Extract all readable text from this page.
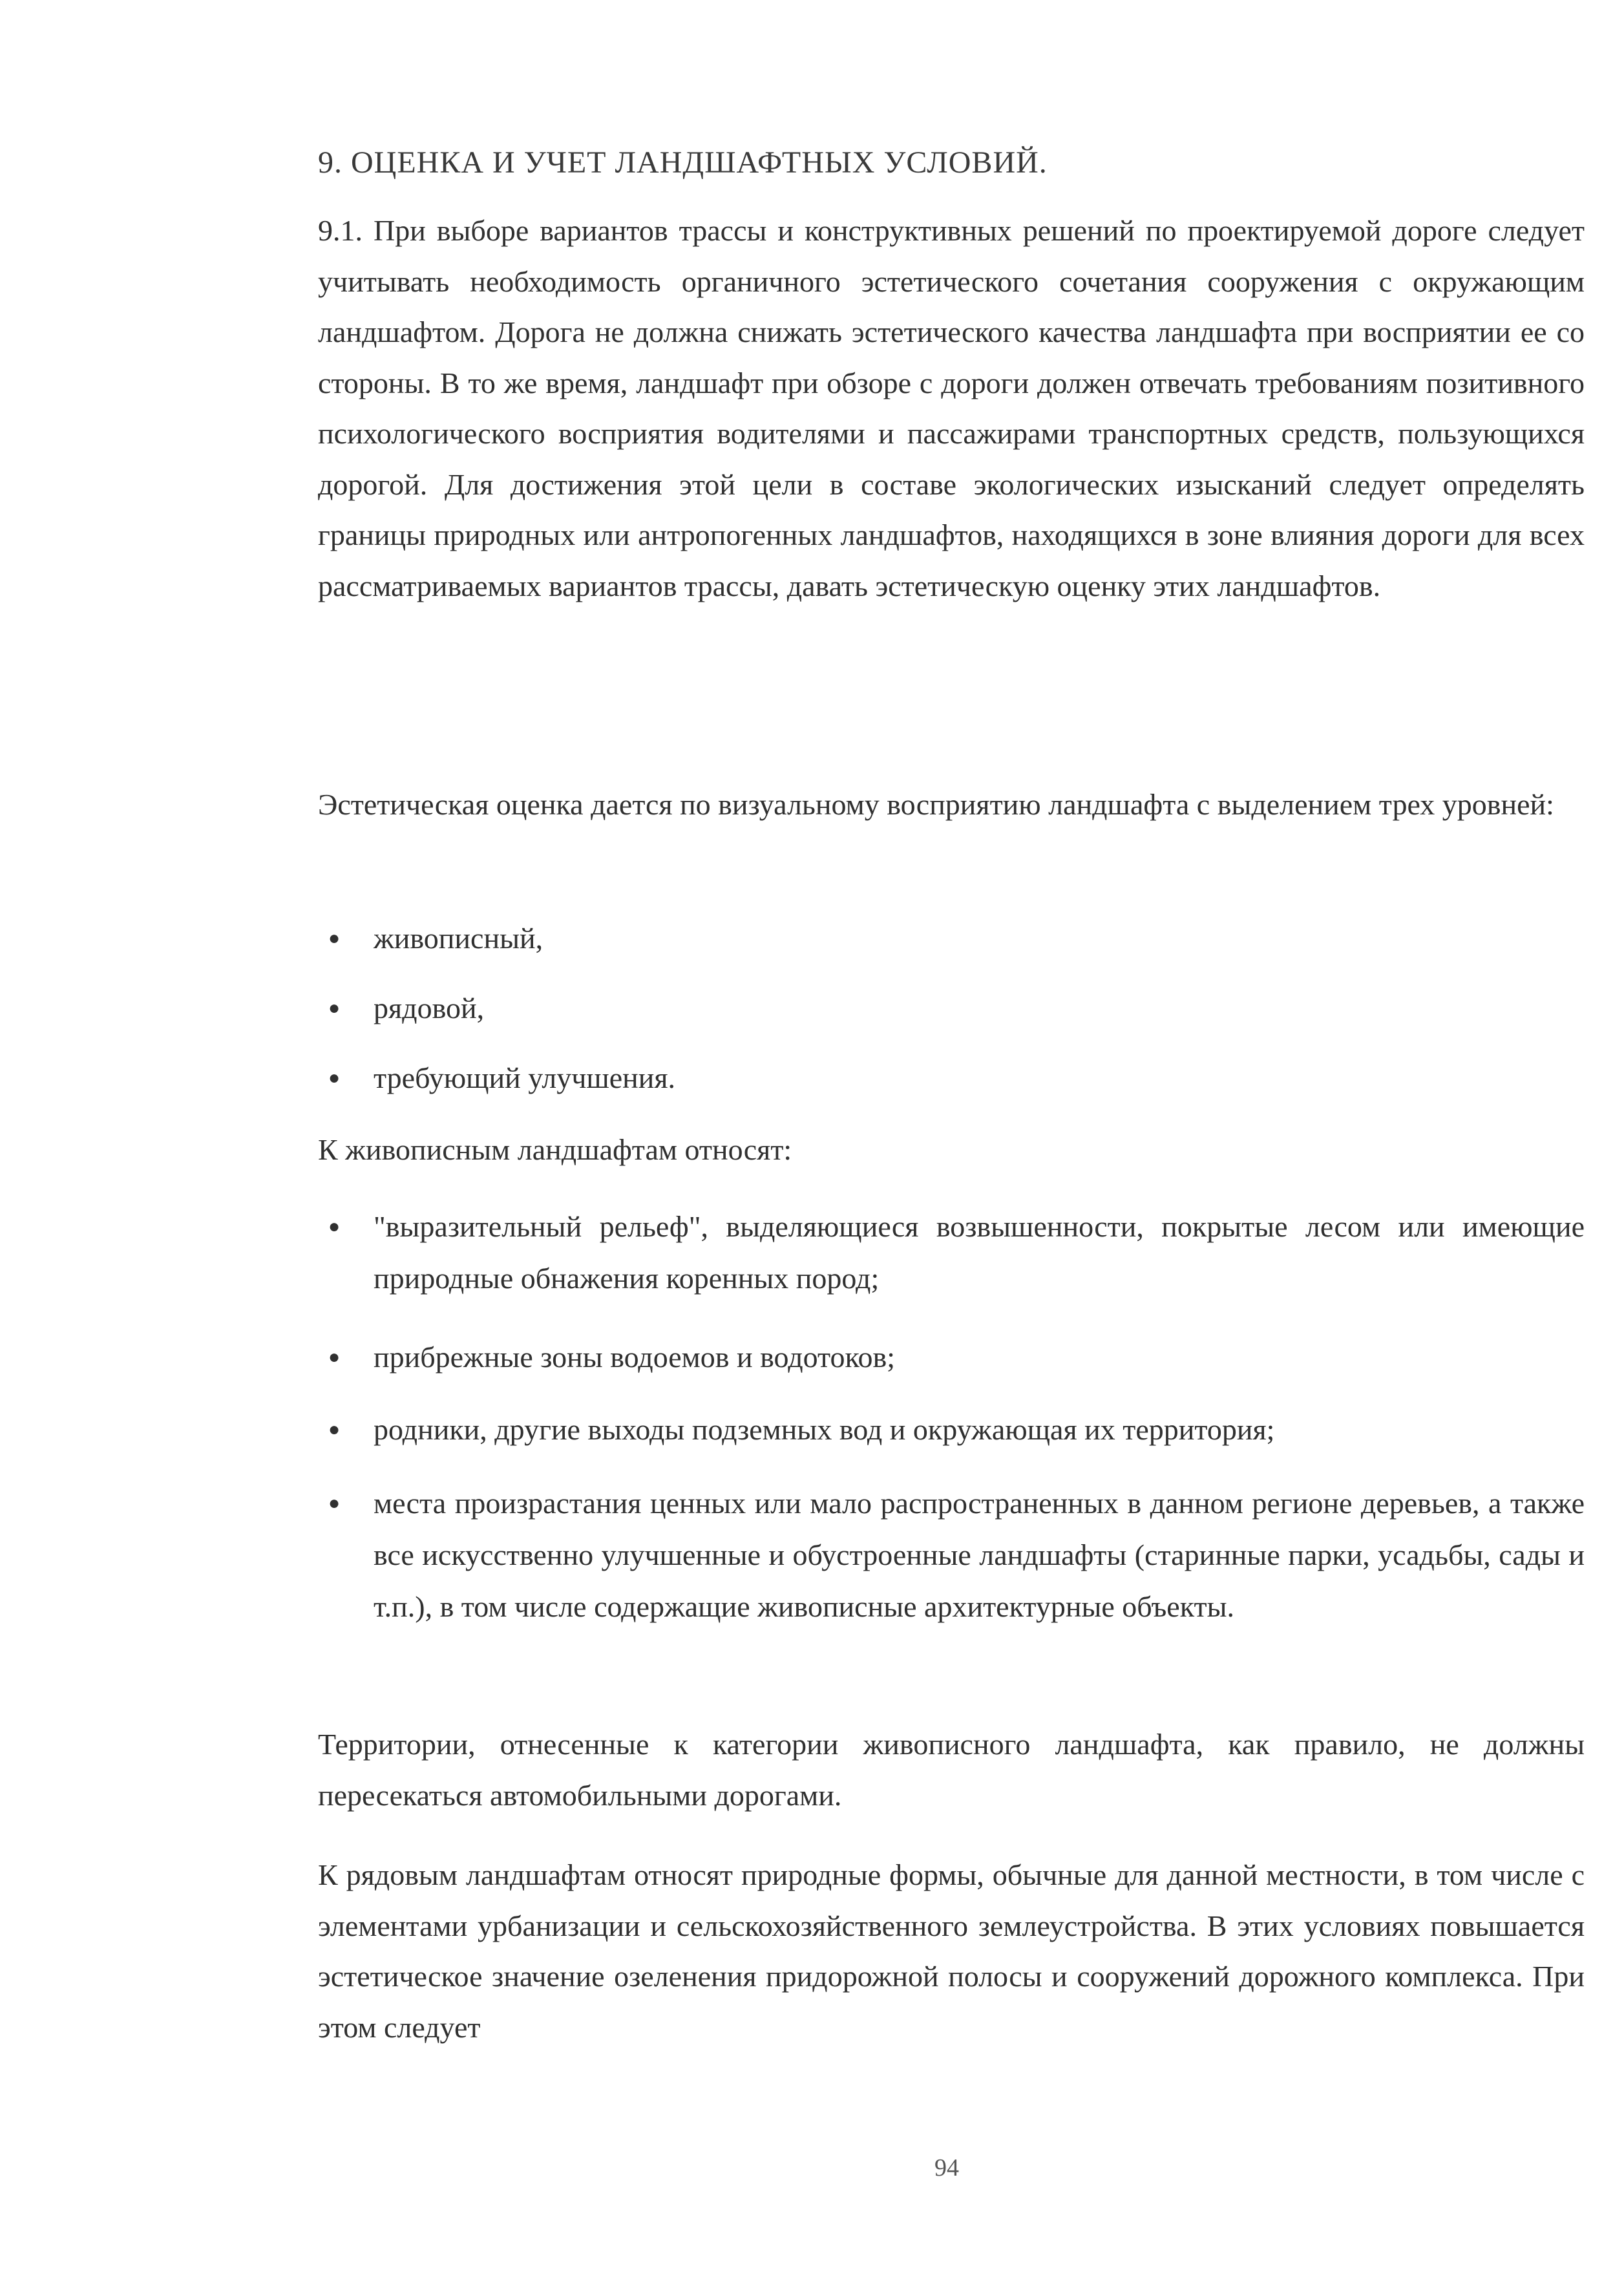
9. ОЦЕНКА И УЧЕТ ЛАНДШАФТНЫХ УСЛОВИЙ.
9.1. При выборе вариантов трассы и конструктивных решений по проектируемой дороге следует учитывать необходимость органичного эстетического сочетания сооружения с окружающим ландшафтом. Дорога не должна снижать эстетического качества ландшафта при восприятии ее со стороны. В то же время, ландшафт при обзоре с дороги должен отвечать требованиям позитивного психологического восприятия водителями и пассажирами транспортных средств, пользующихся дорогой. Для достижения этой цели в составе экологических изысканий следует определять границы природных или антропогенных ландшафтов, находящихся в зоне влияния дороги для всех рассматриваемых вариантов трассы, давать эстетическую оценку этих ландшафтов.
Эстетическая оценка дается по визуальному восприятию ландшафта с выделением трех уровней:
● живописный,
● рядовой,
● требующий улучшения.
К живописным ландшафтам относят:
● "выразительный рельеф", выделяющиеся возвышенности, покрытые лесом или имеющие природные обнажения коренных пород;
● прибрежные зоны водоемов и водотоков;
● родники, другие выходы подземных вод и окружающая их территория;
● места произрастания ценных или мало распространенных в данном регионе деревьев, а также все искусственно улучшенные и обустроенные ландшафты (старинные парки, усадьбы, сады и т.п.), в том числе содержащие живописные архитектурные объекты.
Территории, отнесенные к категории живописного ландшафта, как правило, не должны пересекаться автомобильными дорогами.
К рядовым ландшафтам относят природные формы, обычные для данной местности, в том числе с элементами урбанизации и сельскохозяйственного землеустройства. В этих условиях повышается эстетическое значение озеленения придорожной полосы и сооружений дорожного комплекса. При этом следует
94
